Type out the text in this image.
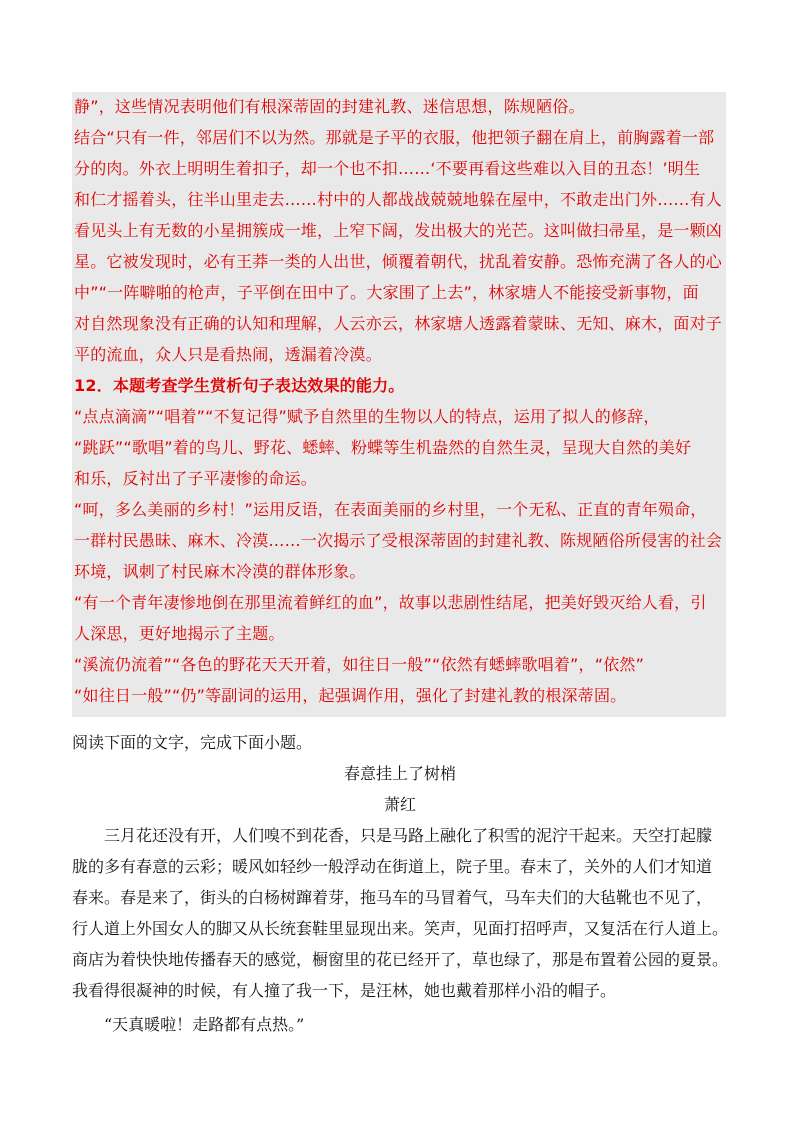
静”，这些情况表明他们有根深蒂固的封建礼教、迷信思想，陈规陋俗。
结合“只有一件，邻居们不以为然。那就是子平的衣服，他把领子翻在肩上，前胸露着一部
分的肉。外衣上明明生着扣子，却一个也不扣……‘不要再看这些难以入目的丑态！’明生
和仁才摇着头，往半山里走去……村中的人都战战兢兢地躲在屋中，不敢走出门外……有人
看见头上有无数的小星拥簇成一堆，上窄下阔，发出极大的光芒。这叫做扫帚星，是一颗凶
星。它被发现时，必有王莽一类的人出世，倾覆着朝代，扰乱着安静。恐怖充满了各人的心
中”“一阵噼啪的枪声，子平倒在田中了。大家围了上去”，林家塘人不能接受新事物，面
对自然现象没有正确的认知和理解，人云亦云，林家塘人透露着蒙昧、无知、麻木，面对子
平的流血，众人只是看热闹，透漏着冷漠。
12．本题考查学生赏析句子表达效果的能力。
“点点滴滴”“唱着”“不复记得”赋予自然里的生物以人的特点，运用了拟人的修辞，
“跳跃”“歌唱”着的鸟儿、野花、蟋蟀、粉蝶等生机盎然的自然生灵，呈现大自然的美好
和乐，反衬出了子平凄惨的命运。
“呵，多么美丽的乡村！”运用反语，在表面美丽的乡村里，一个无私、正直的青年殒命，
一群村民愚昧、麻木、冷漠……一次揭示了受根深蒂固的封建礼教、陈规陋俗所侵害的社会
环境，讽刺了村民麻木冷漠的群体形象。
“有一个青年凄惨地倒在那里流着鲜红的血”，故事以悲剧性结尾，把美好毁灭给人看，引
人深思，更好地揭示了主题。
“溪流仍流着”“各色的野花天天开着，如往日一般”“依然有蟋蟀歌唱着”，“依然”
“如往日一般”“仍”等副词的运用，起强调作用，强化了封建礼教的根深蒂固。
阅读下面的文字，完成下面小题。
春意挂上了树梢
萧红
三月花还没有开，人们嗅不到花香，只是马路上融化了积雪的泥泞干起来。天空打起朦
胧的多有春意的云彩；暖风如轻纱一般浮动在街道上，院子里。春末了，关外的人们才知道
春来。春是来了，街头的白杨树蹿着芽，拖马车的马冒着气，马车夫们的大毡靴也不见了，
行人道上外国女人的脚又从长统套鞋里显现出来。笑声，见面打招呼声，又复活在行人道上。
商店为着快快地传播春天的感觉，橱窗里的花已经开了，草也绿了，那是布置着公园的夏景。
我看得很凝神的时候，有人撞了我一下，是汪林，她也戴着那样小沿的帽子。
“天真暖啦！走路都有点热。”
